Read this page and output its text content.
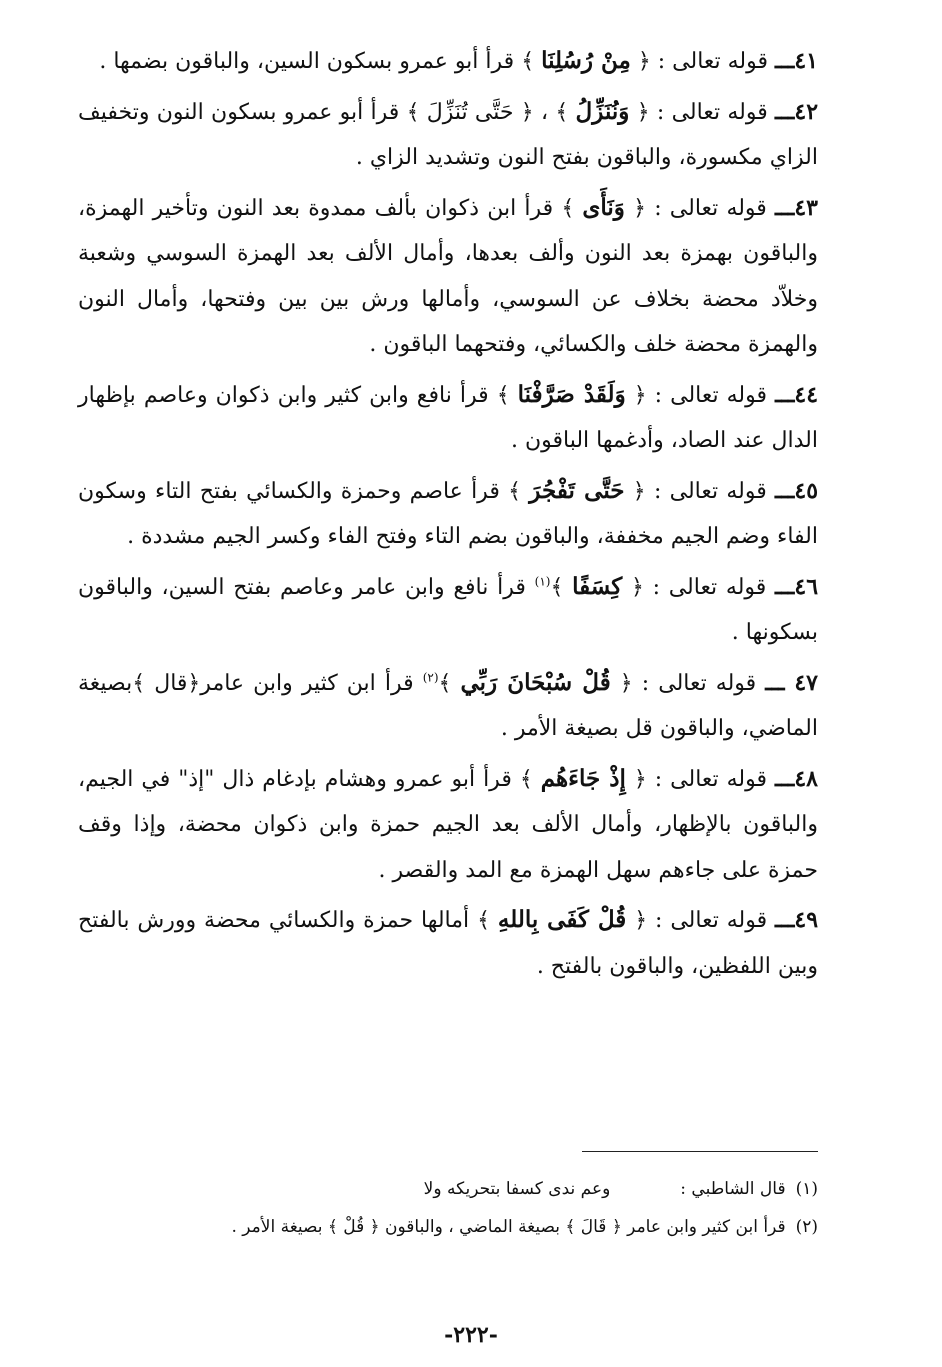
٤١ـــ قوله تعالى : ﴿ مِنْ رُسُلِنَا ﴾ قرأ أبو عمرو بسكون السين، والباقون بضمها .

٤٢ـــ قوله تعالى : ﴿ وَنُنَزِّلُ ﴾ ، ﴿ حَتَّى تُنَزِّلَ ﴾ قرأ أبو عمرو بسكون النون وتخفيف الزاي مكسورة، والباقون بفتح النون وتشديد الزاي .

٤٣ـــ قوله تعالى : ﴿ وَنَأَى ﴾ قرأ ابن ذكوان بألف ممدوة بعد النون وتأخير الهمزة، والباقون بهمزة بعد النون وألف بعدها، وأمال الألف بعد الهمزة السوسي وشعبة وخلاّد محضة بخلاف عن السوسي، وأمالها ورش بين بين وفتحها، وأمال النون والهمزة محضة خلف والكسائي، وفتحهما الباقون .

٤٤ـــ قوله تعالى : ﴿ وَلَقَدْ صَرَّفْنَا ﴾ قرأ نافع وابن كثير وابن ذكوان وعاصم بإظهار الدال عند الصاد، وأدغمها الباقون .

٤٥ـــ قوله تعالى : ﴿ حَتَّى تَفْجُرَ ﴾ قرأ عاصم وحمزة والكسائي بفتح التاء وسكون الفاء وضم الجيم مخففة، والباقون بضم التاء وفتح الفاء وكسر الجيم مشددة .

٤٦ـــ قوله تعالى : ﴿ كِسَفًا ﴾$^{(١)}$ قرأ نافع وابن عامر وعاصم بفتح السين، والباقون بسكونها .

٤٧ ـــ قوله تعالى : ﴿ قُلْ سُبْحَانَ رَبِّي ﴾$^{(٢)}$ قرأ ابن كثير وابن عامر﴿قال ﴾بصيغة الماضي، والباقون قل بصيغة الأمر .

٤٨ـــ قوله تعالى : ﴿ إِذْ جَاءَهُم ﴾ قرأ أبو عمرو وهشام بإدغام ذال "إذ" في الجيم، والباقون بالإظهار، وأمال الألف بعد الجيم حمزة وابن ذكوان محضة، وإذا وقف حمزة على جاءهم سهل الهمزة مع المد والقصر .

٤٩ـــ قوله تعالى : ﴿ قُلْ كَفَى بِاللهِ ﴾ أمالها حمزة والكسائي محضة وورش بالفتح وبين اللفظين، والباقون بالفتح .

(١)قال الشاطبي :وعم ندى كسفا بتحريكه ولا
(٢)قرأ ابن كثير وابن عامر ﴿ قَالَ ﴾ بصيغة الماضي ، والباقون ﴿ قُلْ ﴾ بصيغة الأمر .
-٢٢٢-
